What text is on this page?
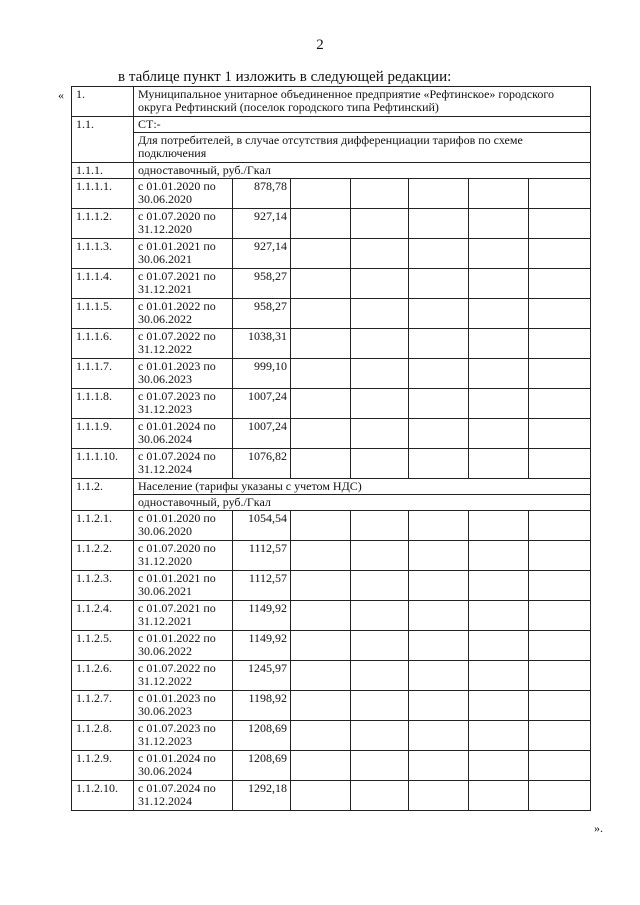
2
в таблице пункт 1 изложить в следующей редакции:
«
».
1.	Муниципальное унитарное объединенное предприятие «Рефтинское» городского округа Рефтинский (поселок городского типа Рефтинский)						
1.1.	СТ:-						
	Для потребителей, в случае отсутствия дифференциации тарифов по схеме подключения						
1.1.1.	одноставочный, руб./Гкал						
1.1.1.1.	с 01.01.2020 по 30.06.2020	878,78					
1.1.1.2.	с 01.07.2020 по 31.12.2020	927,14					
1.1.1.3.	с 01.01.2021 по 30.06.2021	927,14					
1.1.1.4.	с 01.07.2021 по 31.12.2021	958,27					
1.1.1.5.	с 01.01.2022 по 30.06.2022	958,27					
1.1.1.6.	с 01.07.2022 по 31.12.2022	1038,31					
1.1.1.7.	с 01.01.2023 по 30.06.2023	999,10					
1.1.1.8.	с 01.07.2023 по 31.12.2023	1007,24					
1.1.1.9.	с 01.01.2024 по 30.06.2024	1007,24					
1.1.1.10.	с 01.07.2024 по 31.12.2024	1076,82					
1.1.2.	Население (тарифы указаны с учетом НДС)						
	одноставочный, руб./Гкал						
1.1.2.1.	с 01.01.2020 по 30.06.2020	1054,54					
1.1.2.2.	с 01.07.2020 по 31.12.2020	1112,57					
1.1.2.3.	с 01.01.2021 по 30.06.2021	1112,57					
1.1.2.4.	с 01.07.2021 по 31.12.2021	1149,92					
1.1.2.5.	с 01.01.2022 по 30.06.2022	1149,92					
1.1.2.6.	с 01.07.2022 по 31.12.2022	1245,97					
1.1.2.7.	с 01.01.2023 по 30.06.2023	1198,92					
1.1.2.8.	с 01.07.2023 по 31.12.2023	1208,69					
1.1.2.9.	с 01.01.2024 по 30.06.2024	1208,69					
1.1.2.10.	с 01.07.2024 по 31.12.2024	1292,18					
